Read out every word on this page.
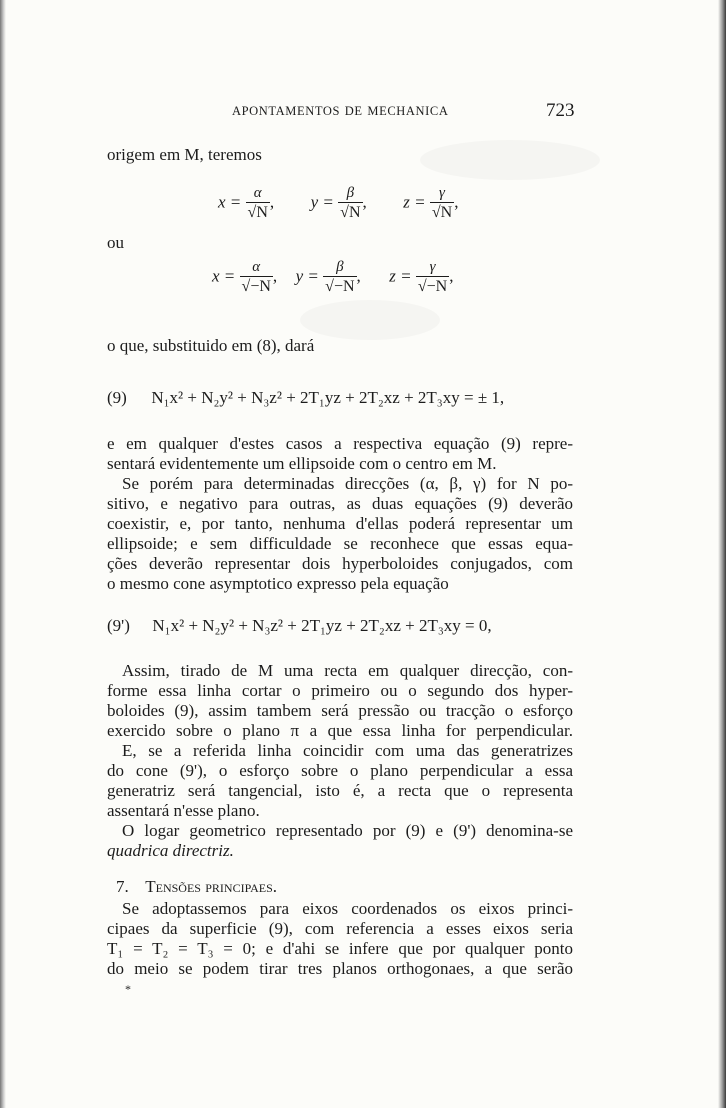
APONTAMENTOS DE MECHANICA	723
origem em M, teremos
$x = \frac{\alpha}{√N}$ ,  $y = \frac{\beta}{√N}$ ,  $z = \frac{\gamma}{√N}$ ,
ou
$x = \frac{\alpha}{√-N}$ ,  $y = \frac{\beta}{√-N}$ ,  $z = \frac{\gamma}{√-N}$ ,
o que, substituido em (8), dará
(9) N₁x² + N₂y² + N₃z² + 2T₁yz + 2T₂xz + 2T₃xy = ± 1,
e em qualquer d'estes casos a respectiva equação (9) repre-
sentará evidentemente um ellipsoide com o centro em M.
Se porém para determinadas direcções (α, β, γ) for N po-
sitivo, e negativo para outras, as duas equações (9) deverão
coexistir, e, por tanto, nenhuma d'ellas poderá representar um
ellipsoide; e sem difficuldade se reconhece que essas equa-
ções deverão representar dois hyperboloides conjugados, com
o mesmo cone asymptotico expresso pela equação
(9') N₁x² + N₂y² + N₃z² + 2T₁yz + 2T₂xz + 2T₃xy = 0,
Assim, tirado de M uma recta em qualquer direcção, con-
forme essa linha cortar o primeiro ou o segundo dos hyper-
boloides (9), assim tambem será pressão ou tracção o esforço
exercido sobre o plano π a que essa linha for perpendicular.
E, se a referida linha coincidir com uma das generatrizes
do cone (9'), o esforço sobre o plano perpendicular a essa
generatriz será tangencial, isto é, a recta que o representa
assentará n'esse plano.
O logar geometrico representado por (9) e (9') denomina-se
quadrica directriz.
7. Tensões principaes.
Se adoptassemos para eixos coordenados os eixos princi-
cipaes da superficie (9), com referencia a esses eixos seria
T₁ = T₂ = T₃ = 0; e d'ahi se infere que por qualquer ponto
do meio se podem tirar tres planos orthogonaes, a que serão
*
